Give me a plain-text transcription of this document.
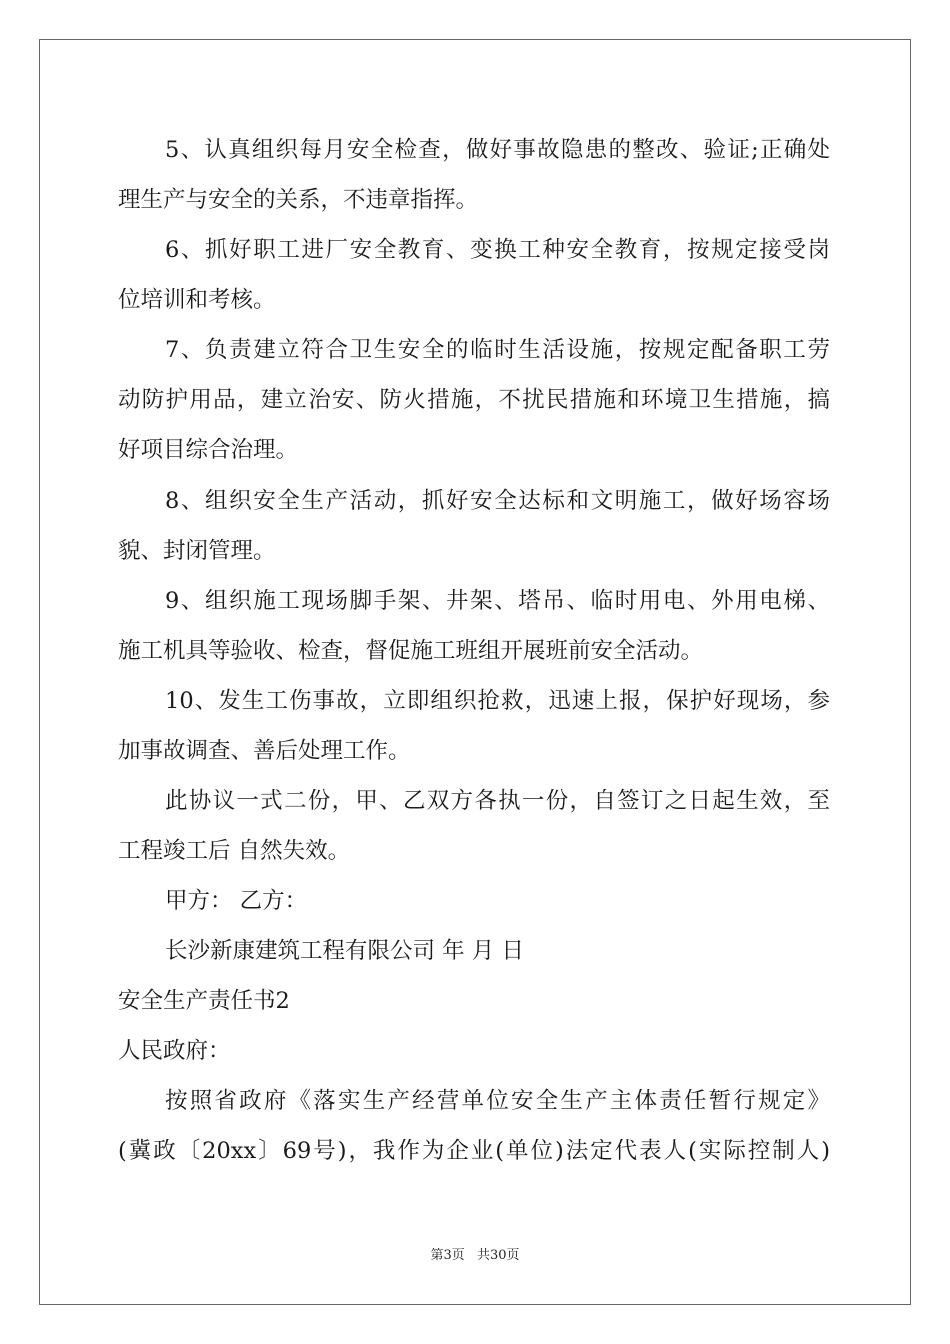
5、认真组织每月安全检查，做好事故隐患的整改、验证;正确处
理生产与安全的关系，不违章指挥。
6、抓好职工进厂安全教育、变换工种安全教育，按规定接受岗
位培训和考核。
7、负责建立符合卫生安全的临时生活设施，按规定配备职工劳
动防护用品，建立治安、防火措施，不扰民措施和环境卫生措施，搞
好项目综合治理。
8、组织安全生产活动，抓好安全达标和文明施工，做好场容场
貌、封闭管理。
9、组织施工现场脚手架、井架、塔吊、临时用电、外用电梯、
施工机具等验收、检查，督促施工班组开展班前安全活动。
10、发生工伤事故，立即组织抢救，迅速上报，保护好现场，参
加事故调查、善后处理工作。
此协议一式二份，甲、乙双方各执一份，自签订之日起生效，至
工程竣工后 自然失效。
甲方： 乙方：
长沙新康建筑工程有限公司 年 月 日
安全生产责任书2
人民政府：
按照省政府《落实生产经营单位安全生产主体责任暂行规定》
(冀政〔20xx〕69号)，我作为企业(单位)法定代表人(实际控制人)
第3页 共30页
